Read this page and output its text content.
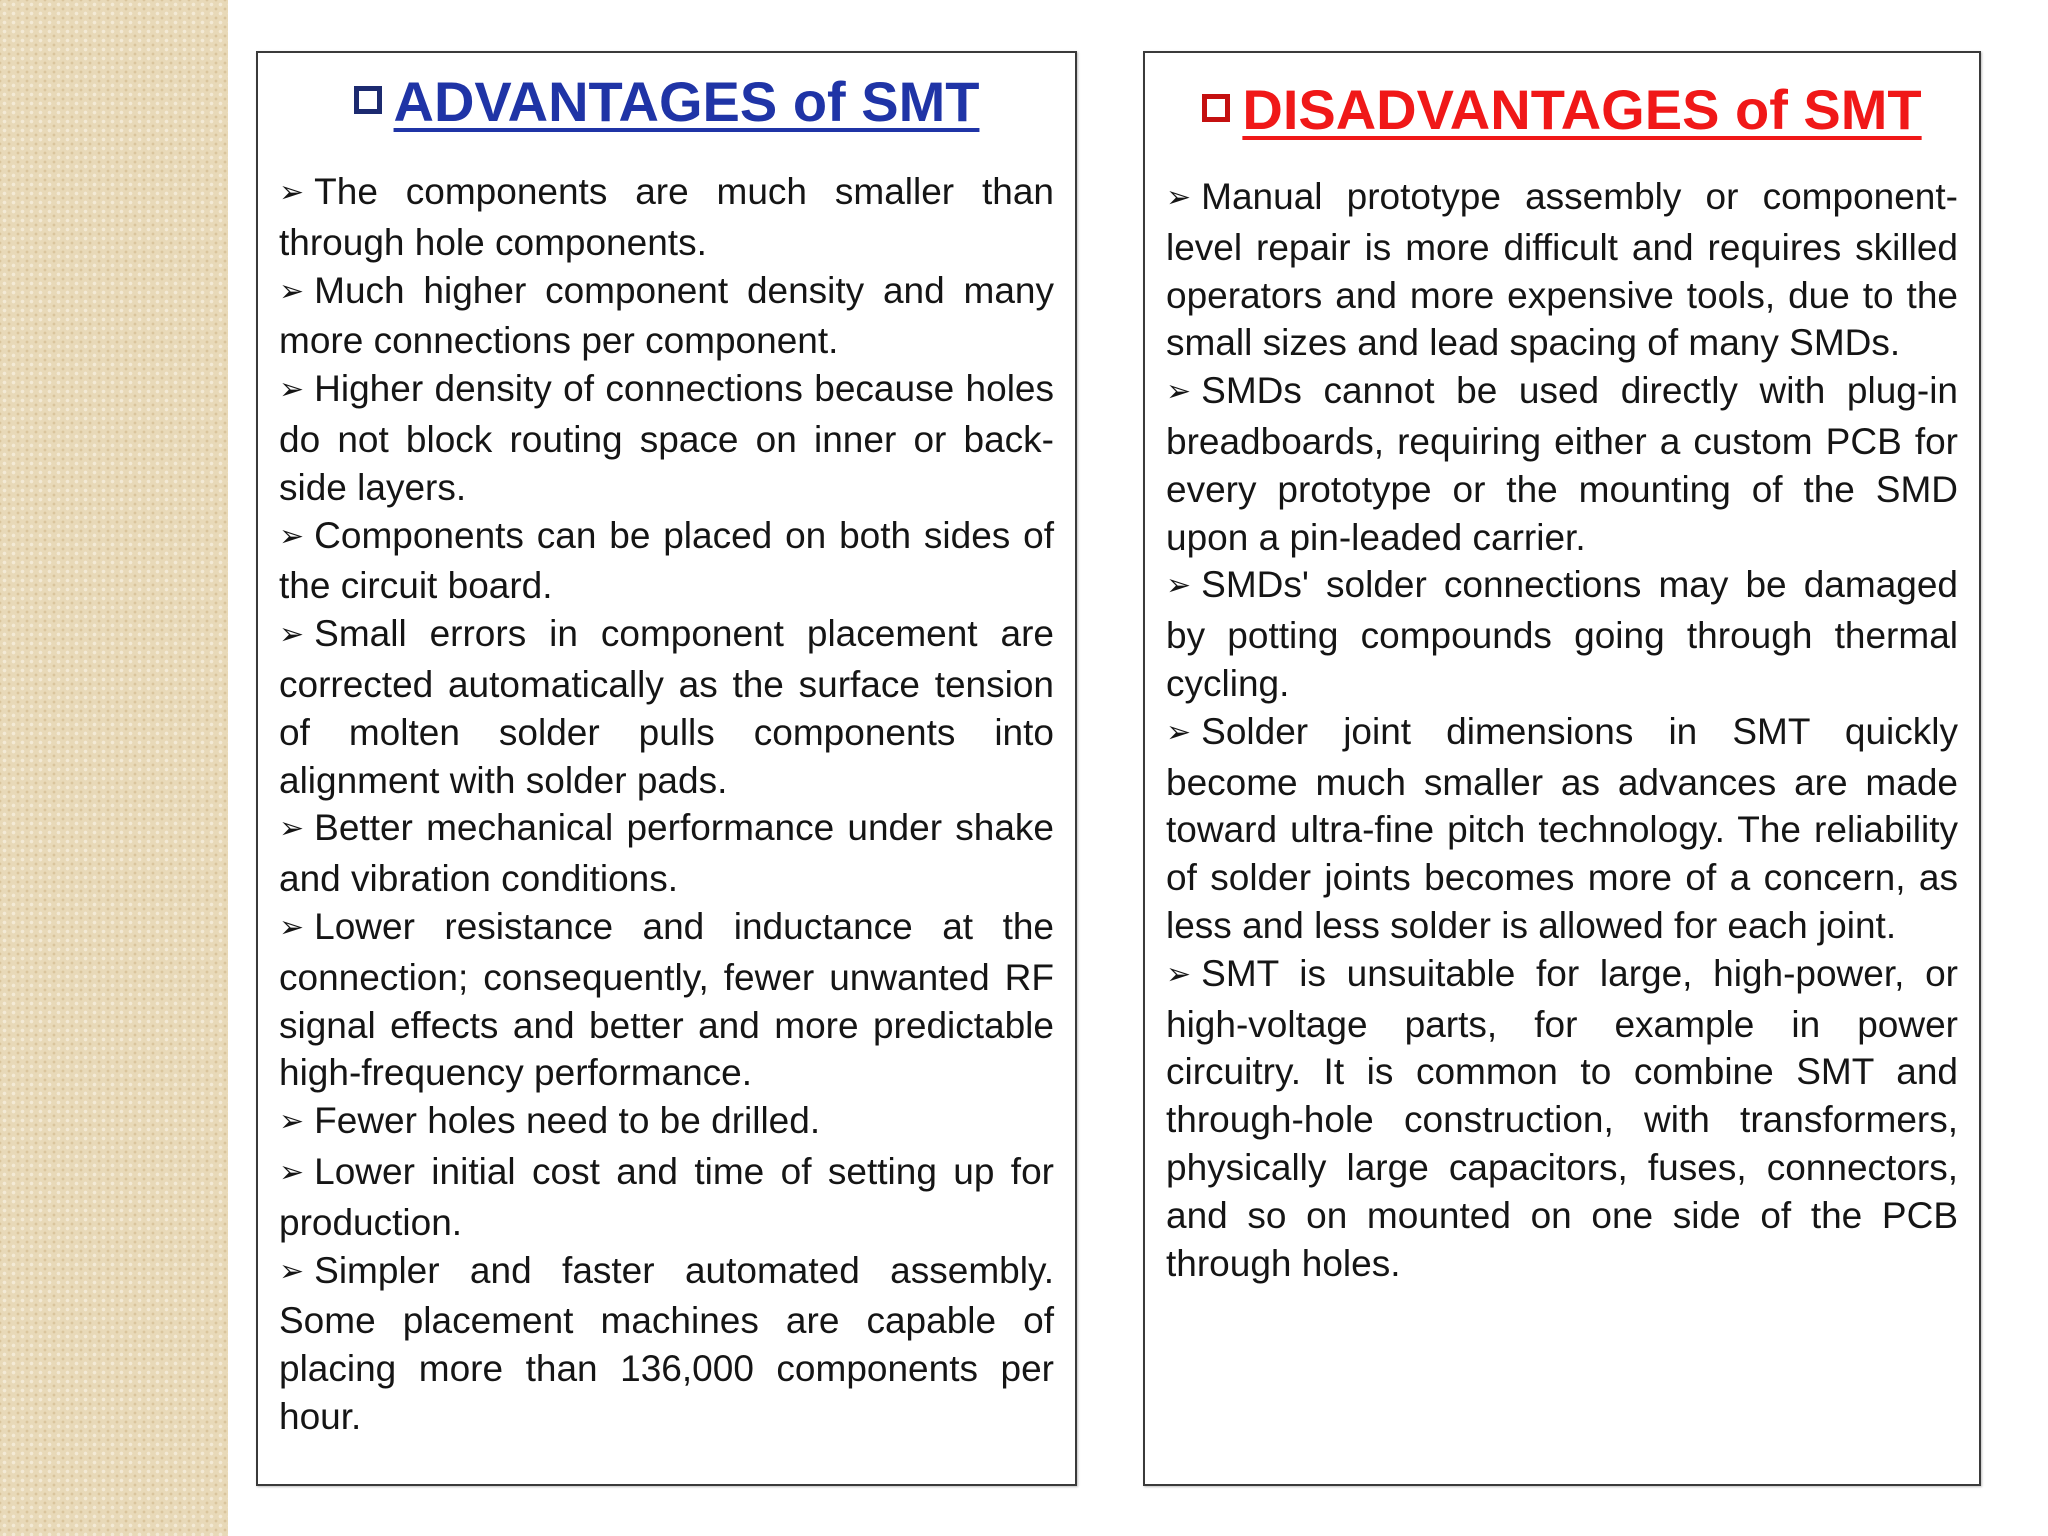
ADVANTAGES of SMT

➢ The components are much smaller than through hole components.

➢ Much higher component density and many more connections per component.

➢ Higher density of connections because holes do not block routing space on inner or back-side layers.

➢ Components can be placed on both sides of the circuit board.

➢ Small errors in component placement are corrected automatically as the surface tension of molten solder pulls components into alignment with solder pads.

➢ Better mechanical performance under shake and vibration conditions.

➢ Lower resistance and inductance at the connection; consequently, fewer unwanted RF signal effects and better and more predictable high-frequency performance.

➢ Fewer holes need to be drilled.

➢ Lower initial cost and time of setting up for production.

➢ Simpler and faster automated assembly. Some placement machines are capable of placing more than 136,000 components per hour.

DISADVANTAGES of SMT

➢ Manual prototype assembly or component-level repair is more difficult and requires skilled operators and more expensive tools, due to the small sizes and lead spacing of many SMDs.

➢ SMDs cannot be used directly with plug-in breadboards, requiring either a custom PCB for every prototype or the mounting of the SMD upon a pin-leaded carrier.

➢ SMDs' solder connections may be damaged by potting compounds going through thermal cycling.

➢ Solder joint dimensions in SMT quickly become much smaller as advances are made toward ultra-fine pitch technology. The reliability of solder joints becomes more of a concern, as less and less solder is allowed for each joint.

➢ SMT is unsuitable for large, high-power, or high-voltage parts, for example in power circuitry. It is common to combine SMT and through-hole construction, with transformers, physically large capacitors, fuses, connectors, and so on mounted on one side of the PCB through holes.
